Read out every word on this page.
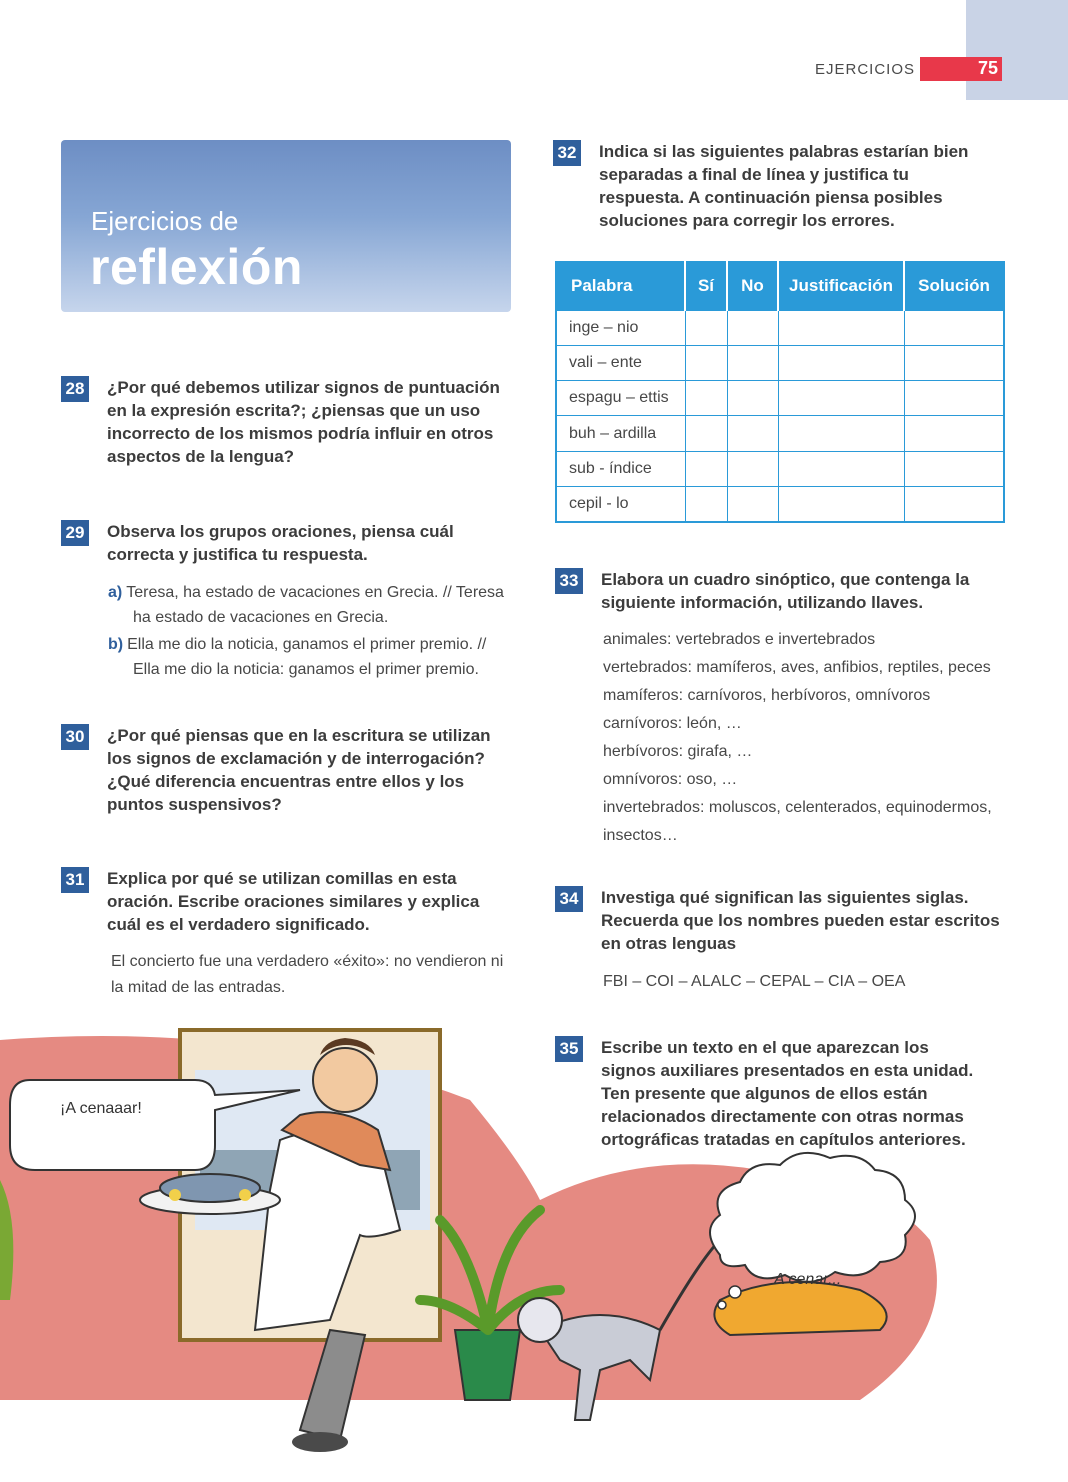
EJERCICIOS	75
Ejercicios de
reflexión
28 ¿Por qué debemos utilizar signos de puntuación
en la expresión escrita?; ¿piensas que un uso
incorrecto de los mismos podría influir en otros
aspectos de la lengua?
29 Observa los grupos oraciones, piensa cuál
correcta y justifica tu respuesta.
a) Teresa, ha estado de vacaciones en Grecia. // Teresa
ha estado de vacaciones en Grecia.
b) Ella me dio la noticia, ganamos el primer premio. //
Ella me dio la noticia: ganamos el primer premio.
30 ¿Por qué piensas que en la escritura se utilizan
los signos de exclamación y de interrogación?
¿Qué diferencia encuentras entre ellos y los
puntos suspensivos?
31 Explica por qué se utilizan comillas en esta
oración. Escribe oraciones similares y explica
cuál es el verdadero significado.
El concierto fue una verdadero «éxito»: no vendieron ni
la mitad de las entradas.
32 Indica si las siguientes palabras estarían bien
separadas a final de línea y justifica tu
respuesta. A continuación piensa posibles
soluciones para corregir los errores.
Palabra	Sí	No	Justificación	Solución
inge – nio				
vali – ente				
espagu – ettis				
buh – ardilla				
sub - índice				
cepil - lo				
33 Elabora un cuadro sinóptico, que contenga la
siguiente información, utilizando llaves.
animales: vertebrados e invertebrados
vertebrados: mamíferos, aves, anfibios, reptiles, peces
mamíferos: carnívoros, herbívoros, omnívoros
carnívoros: león, …
herbívoros: girafa, …
omnívoros: oso, …
invertebrados: moluscos, celenterados, equinodermos,
insectos…
34 Investiga qué significan las siguientes siglas.
Recuerda que los nombres pueden estar escritos
en otras lenguas
FBI – COI – ALALC – CEPAL – CIA – OEA
35 Escribe un texto en el que aparezcan los
signos auxiliares presentados en esta unidad.
Ten presente que algunos de ellos están
relacionados directamente con otras normas
ortográficas tratadas en capítulos anteriores.
¡A cenaaar!
A cenar...
